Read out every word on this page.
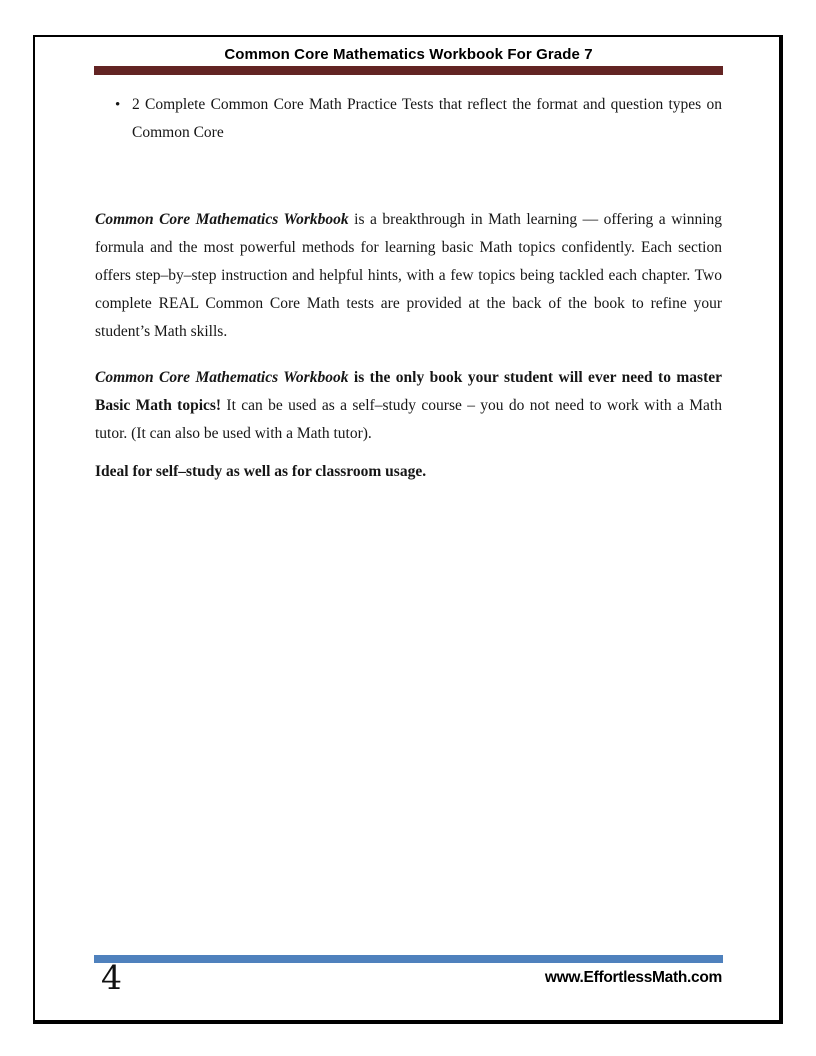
Common Core Mathematics Workbook For Grade 7
• 2 Complete Common Core Math Practice Tests that reflect the format and question types on Common Core

Common Core Mathematics Workbook is a breakthrough in Math learning — offering a winning formula and the most powerful methods for learning basic Math topics confidently. Each section offers step–by–step instruction and helpful hints, with a few topics being tackled each chapter. Two complete REAL Common Core Math tests are provided at the back of the book to refine your student’s Math skills.

Common Core Mathematics Workbook is the only book your student will ever need to master Basic Math topics! It can be used as a self–study course – you do not need to work with a Math tutor. (It can also be used with a Math tutor).

Ideal for self–study as well as for classroom usage.

4	www.EffortlessMath.com
